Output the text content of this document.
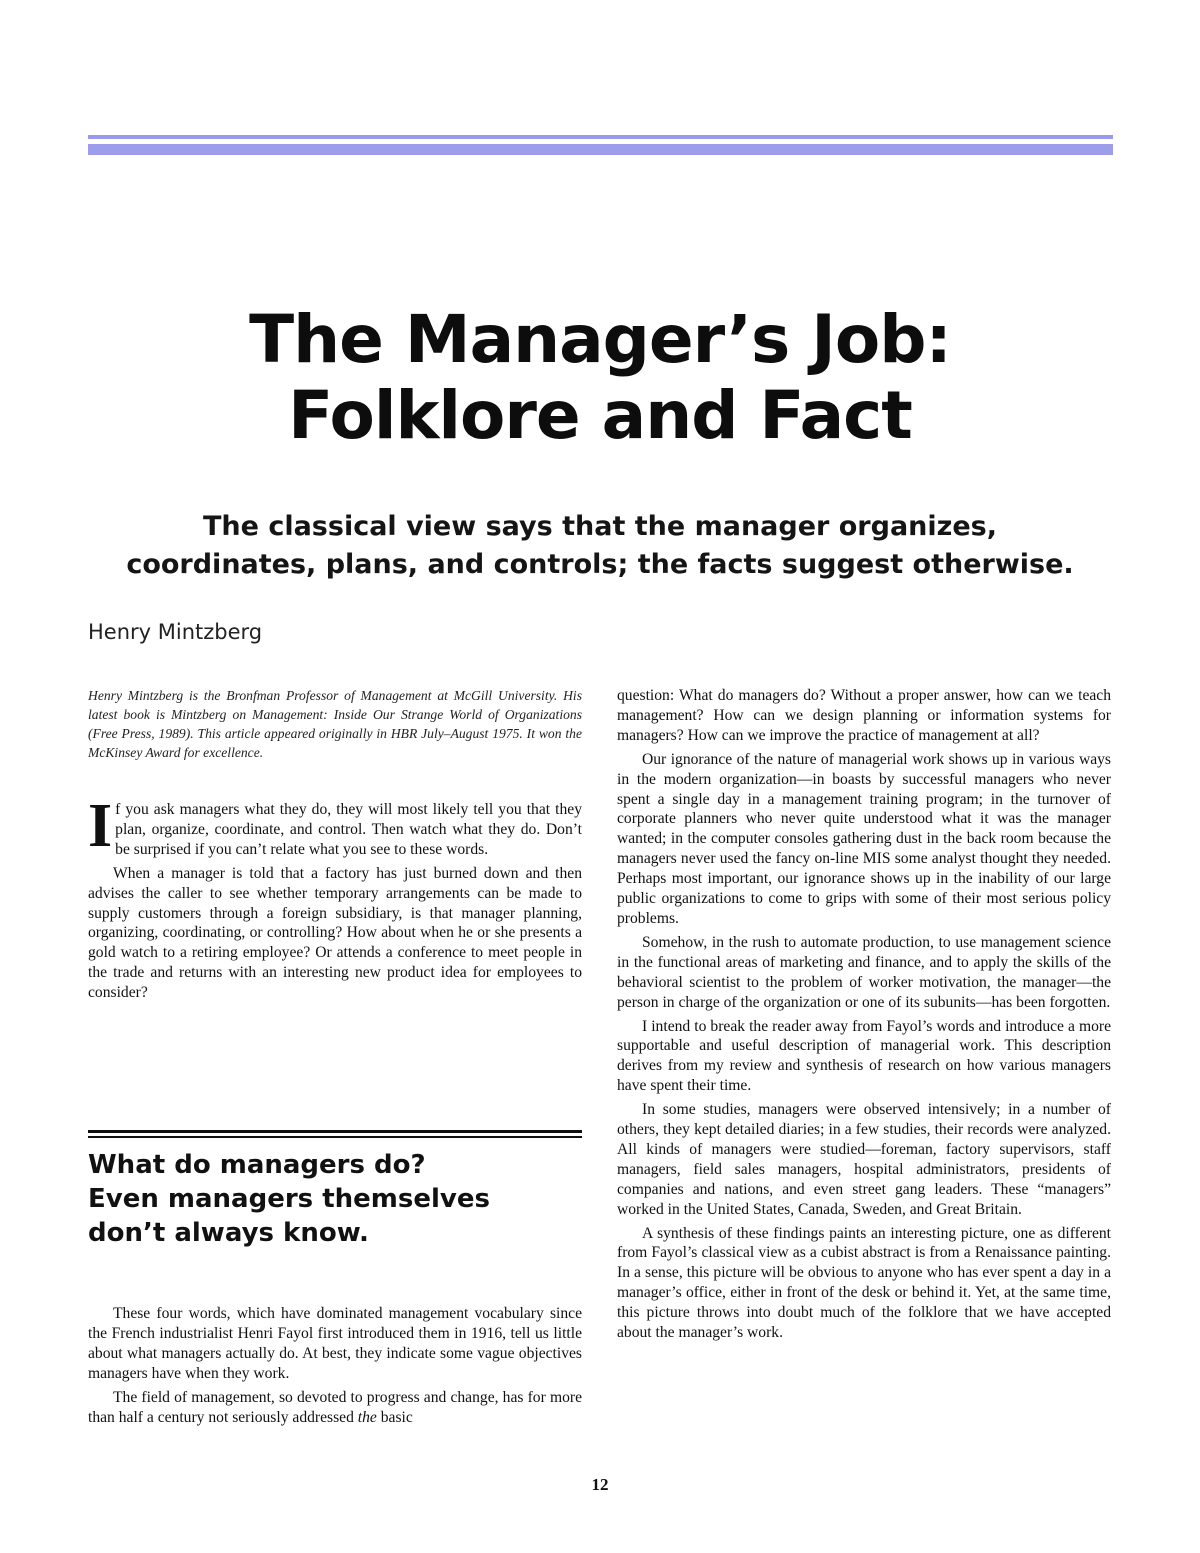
The Manager’s Job:
Folklore and Fact
The classical view says that the manager organizes,
coordinates, plans, and controls; the facts suggest otherwise.
Henry Mintzberg

Henry Mintzberg is the Bronfman Professor of Management at McGill University. His latest book is Mintzberg on Management: Inside Our Strange World of Organizations (Free Press, 1989). This article appeared originally in HBR July–August 1975. It won the McKinsey Award for excellence.

If you ask managers what they do, they will most likely tell you that they plan, organize, coordinate, and control. Then watch what they do. Don’t be surprised if you can’t relate what you see to these words.

When a manager is told that a factory has just burned down and then advises the caller to see whether temporary arrangements can be made to supply customers through a foreign subsidiary, is that manager planning, organizing, coordinating, or controlling? How about when he or she presents a gold watch to a retiring employee? Or attends a conference to meet people in the trade and returns with an interesting new product idea for employees to consider?

What do managers do?
Even managers themselves
don’t always know.

These four words, which have dominated management vocabulary since the French industrialist Henri Fayol first introduced them in 1916, tell us little about what managers actually do. At best, they indicate some vague objectives managers have when they work.

The field of management, so devoted to progress and change, has for more than half a century not seriously addressed the basic

question: What do managers do? Without a proper answer, how can we teach management? How can we design planning or information systems for managers? How can we improve the practice of management at all?

Our ignorance of the nature of managerial work shows up in various ways in the modern organization—in boasts by successful managers who never spent a single day in a management training program; in the turnover of corporate planners who never quite understood what it was the manager wanted; in the computer consoles gathering dust in the back room because the managers never used the fancy on-line MIS some analyst thought they needed. Perhaps most important, our ignorance shows up in the inability of our large public organizations to come to grips with some of their most serious policy problems.

Somehow, in the rush to automate production, to use management science in the functional areas of marketing and finance, and to apply the skills of the behavioral scientist to the problem of worker motivation, the manager—the person in charge of the organization or one of its subunits—has been forgotten.

I intend to break the reader away from Fayol’s words and introduce a more supportable and useful description of managerial work. This description derives from my review and synthesis of research on how various managers have spent their time.

In some studies, managers were observed intensively; in a number of others, they kept detailed diaries; in a few studies, their records were analyzed. All kinds of managers were studied—foreman, factory supervisors, staff managers, field sales managers, hospital administrators, presidents of companies and nations, and even street gang leaders. These “managers” worked in the United States, Canada, Sweden, and Great Britain.

A synthesis of these findings paints an interesting picture, one as different from Fayol’s classical view as a cubist abstract is from a Renaissance painting. In a sense, this picture will be obvious to anyone who has ever spent a day in a manager’s office, either in front of the desk or behind it. Yet, at the same time, this picture throws into doubt much of the folklore that we have accepted about the manager’s work.

12
